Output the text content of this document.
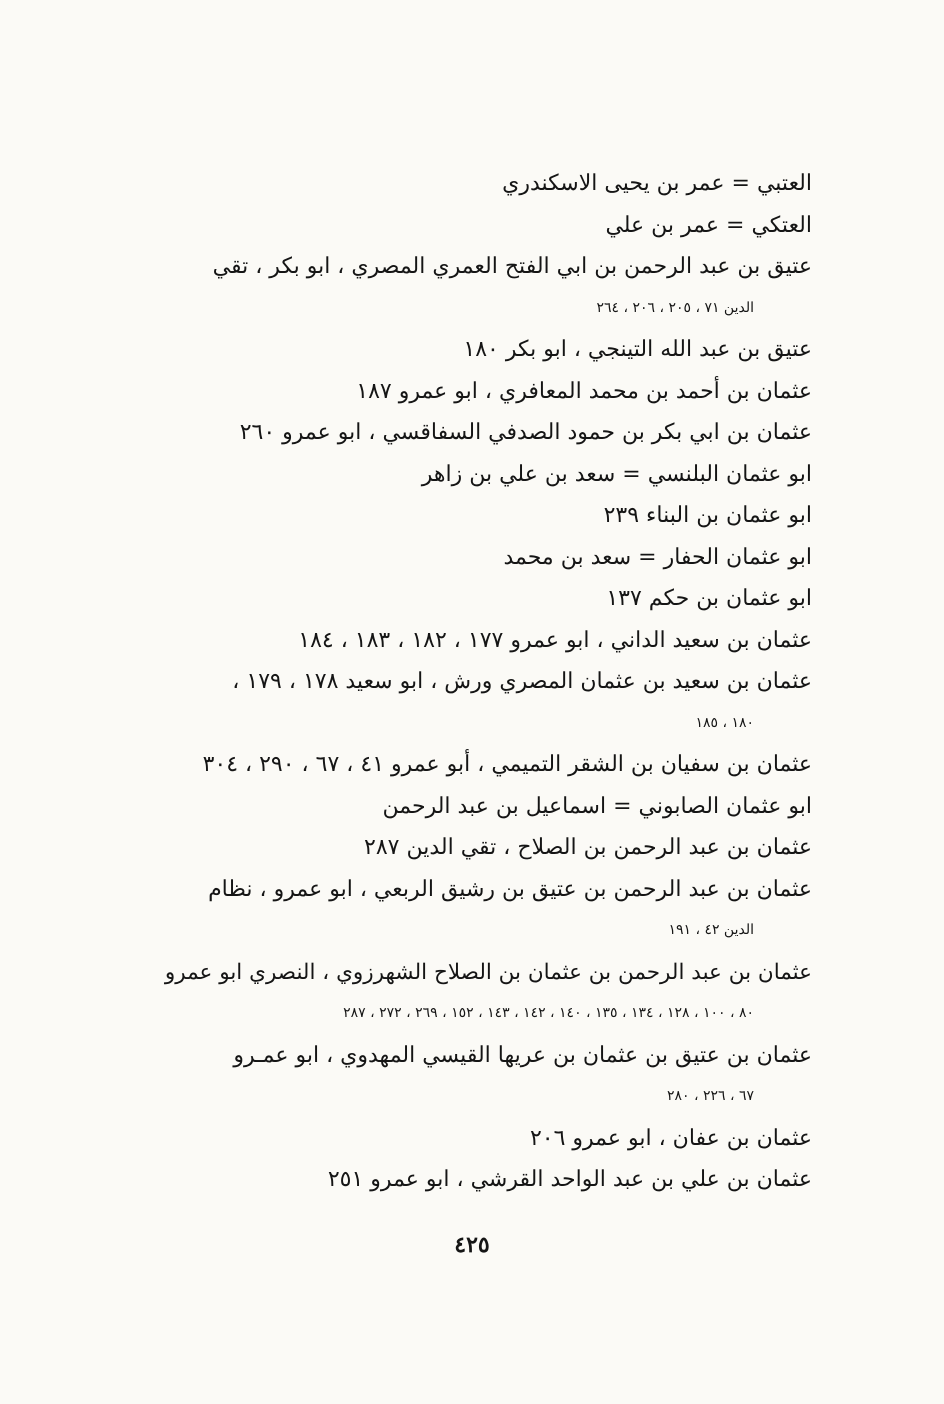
العتبي = عمر بن يحيى الاسكندري
العتكي = عمر بن علي
عتيق بن عبد الرحمن بن ابي الفتح العمري المصري ، ابو بكر ، تقي
الدين ٧١ ، ٢٠٥ ، ٢٠٦ ، ٢٦٤
عتيق بن عبد الله التينجي ، ابو بكر ١٨٠
عثمان بن أحمد بن محمد المعافري ، ابو عمرو ١٨٧
عثمان بن ابي بكر بن حمود الصدفي السفاقسي ، ابو عمرو ٢٦٠
ابو عثمان البلنسي = سعد بن علي بن زاهر
ابو عثمان بن البناء ٢٣٩
ابو عثمان الحفار = سعد بن محمد
ابو عثمان بن حكم ١٣٧
عثمان بن سعيد الداني ، ابو عمرو ١٧٧ ، ١٨٢ ، ١٨٣ ، ١٨٤
عثمان بن سعيد بن عثمان المصري ورش ، ابو سعيد ١٧٨ ، ١٧٩ ،
١٨٠ ، ١٨٥
عثمان بن سفيان بن الشقر التميمي ، أبو عمرو ٤١ ، ٦٧ ، ٢٩٠ ، ٣٠٤
ابو عثمان الصابوني = اسماعيل بن عبد الرحمن
عثمان بن عبد الرحمن بن الصلاح ، تقي الدين ٢٨٧
عثمان بن عبد الرحمن بن عتيق بن رشيق الربعي ، ابو عمرو ، نظام
الدين ٤٢ ، ١٩١
عثمان بن عبد الرحمن بن عثمان بن الصلاح الشهرزوي ، النصري ابو عمرو
٨٠ ، ١٠٠ ، ١٢٨ ، ١٣٤ ، ١٣٥ ، ١٤٠ ، ١٤٢ ، ١٤٣ ، ١٥٢ ، ٢٦٩ ، ٢٧٢ ، ٢٨٧
عثمان بن عتيق بن عثمان بن عريها القيسي المهدوي ، ابو عمـرو
٦٧ ، ٢٢٦ ، ٢٨٠
عثمان بن عفان ، ابو عمرو ٢٠٦
عثمان بن علي بن عبد الواحد القرشي ، ابو عمرو ٢٥١
٤٢٥
